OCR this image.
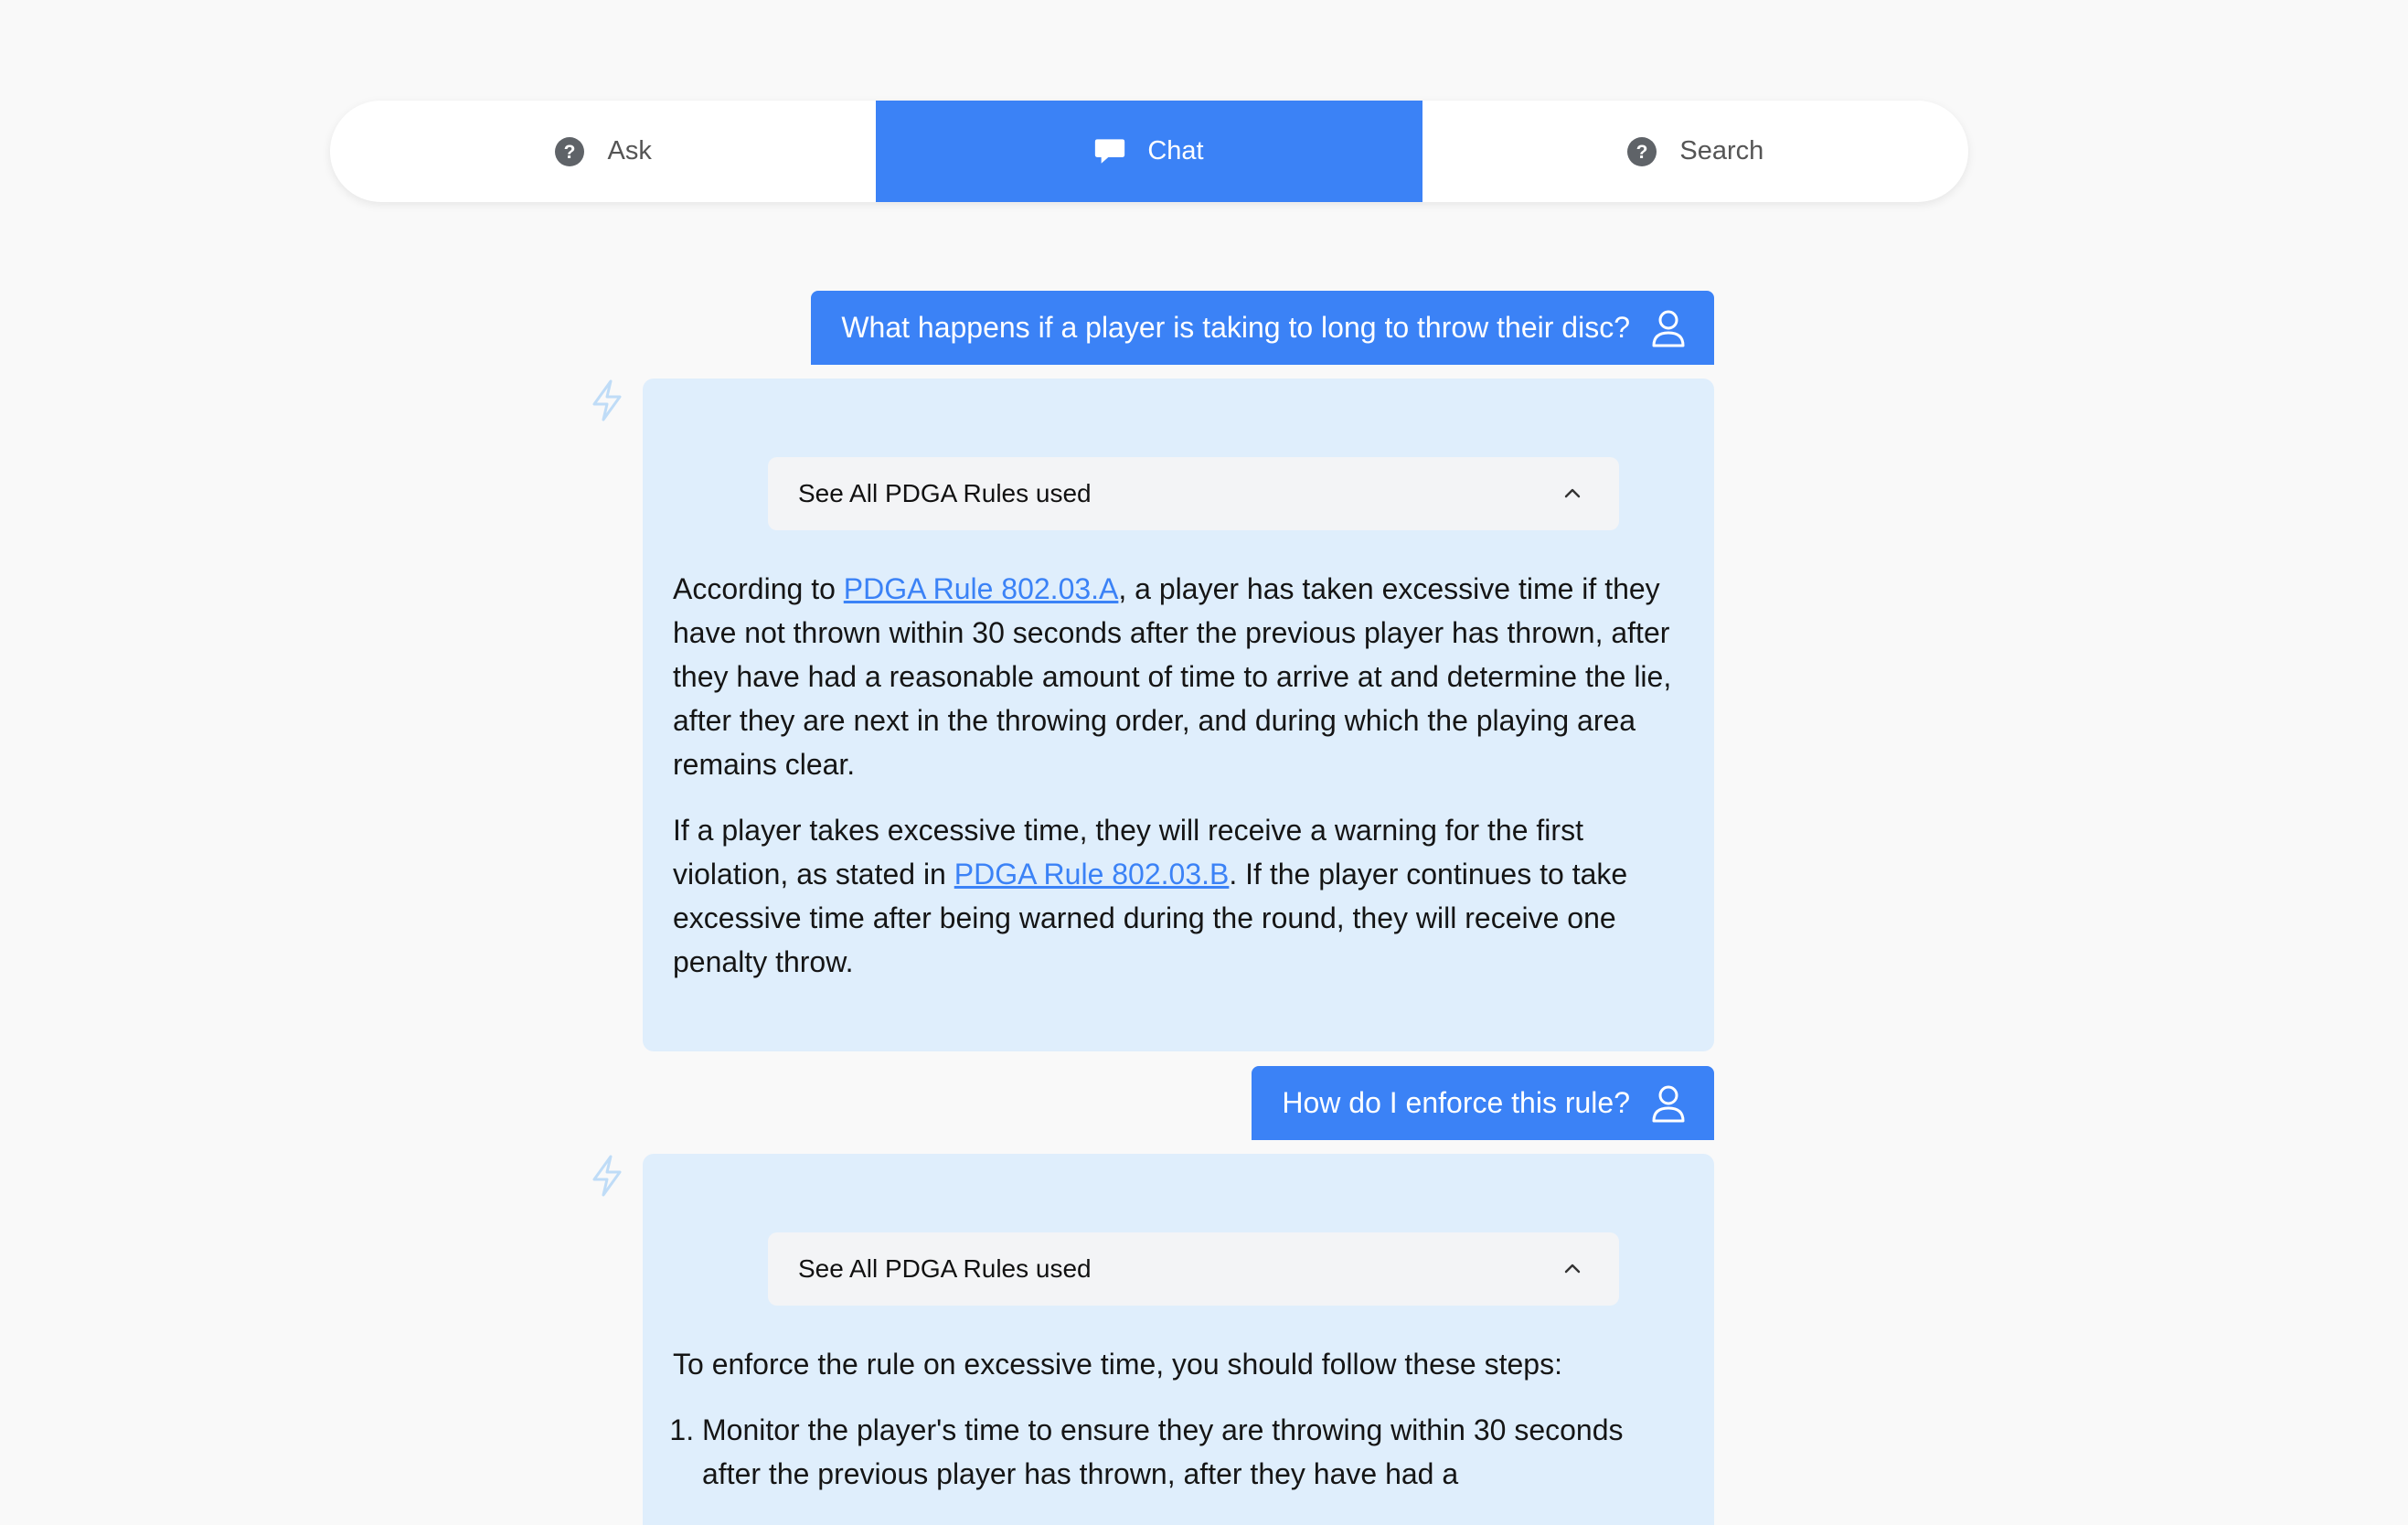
? Ask	Chat	? Search
What happens if a player is taking to long to throw their disc?
See All PDGA Rules used

According to PDGA Rule 802.03.A, a player has taken excessive time if they have not thrown within 30 seconds after the previous player has thrown, after they have had a reasonable amount of time to arrive at and determine the lie, after they are next in the throwing order, and during which the playing area remains clear.

If a player takes excessive time, they will receive a warning for the first violation, as stated in PDGA Rule 802.03.B. If the player continues to take excessive time after being warned during the round, they will receive one penalty throw.

How do I enforce this rule?
See All PDGA Rules used

To enforce the rule on excessive time, you should follow these steps:

1. Monitor the player's time to ensure they are throwing within 30 seconds after the previous player has thrown, after they have had a
